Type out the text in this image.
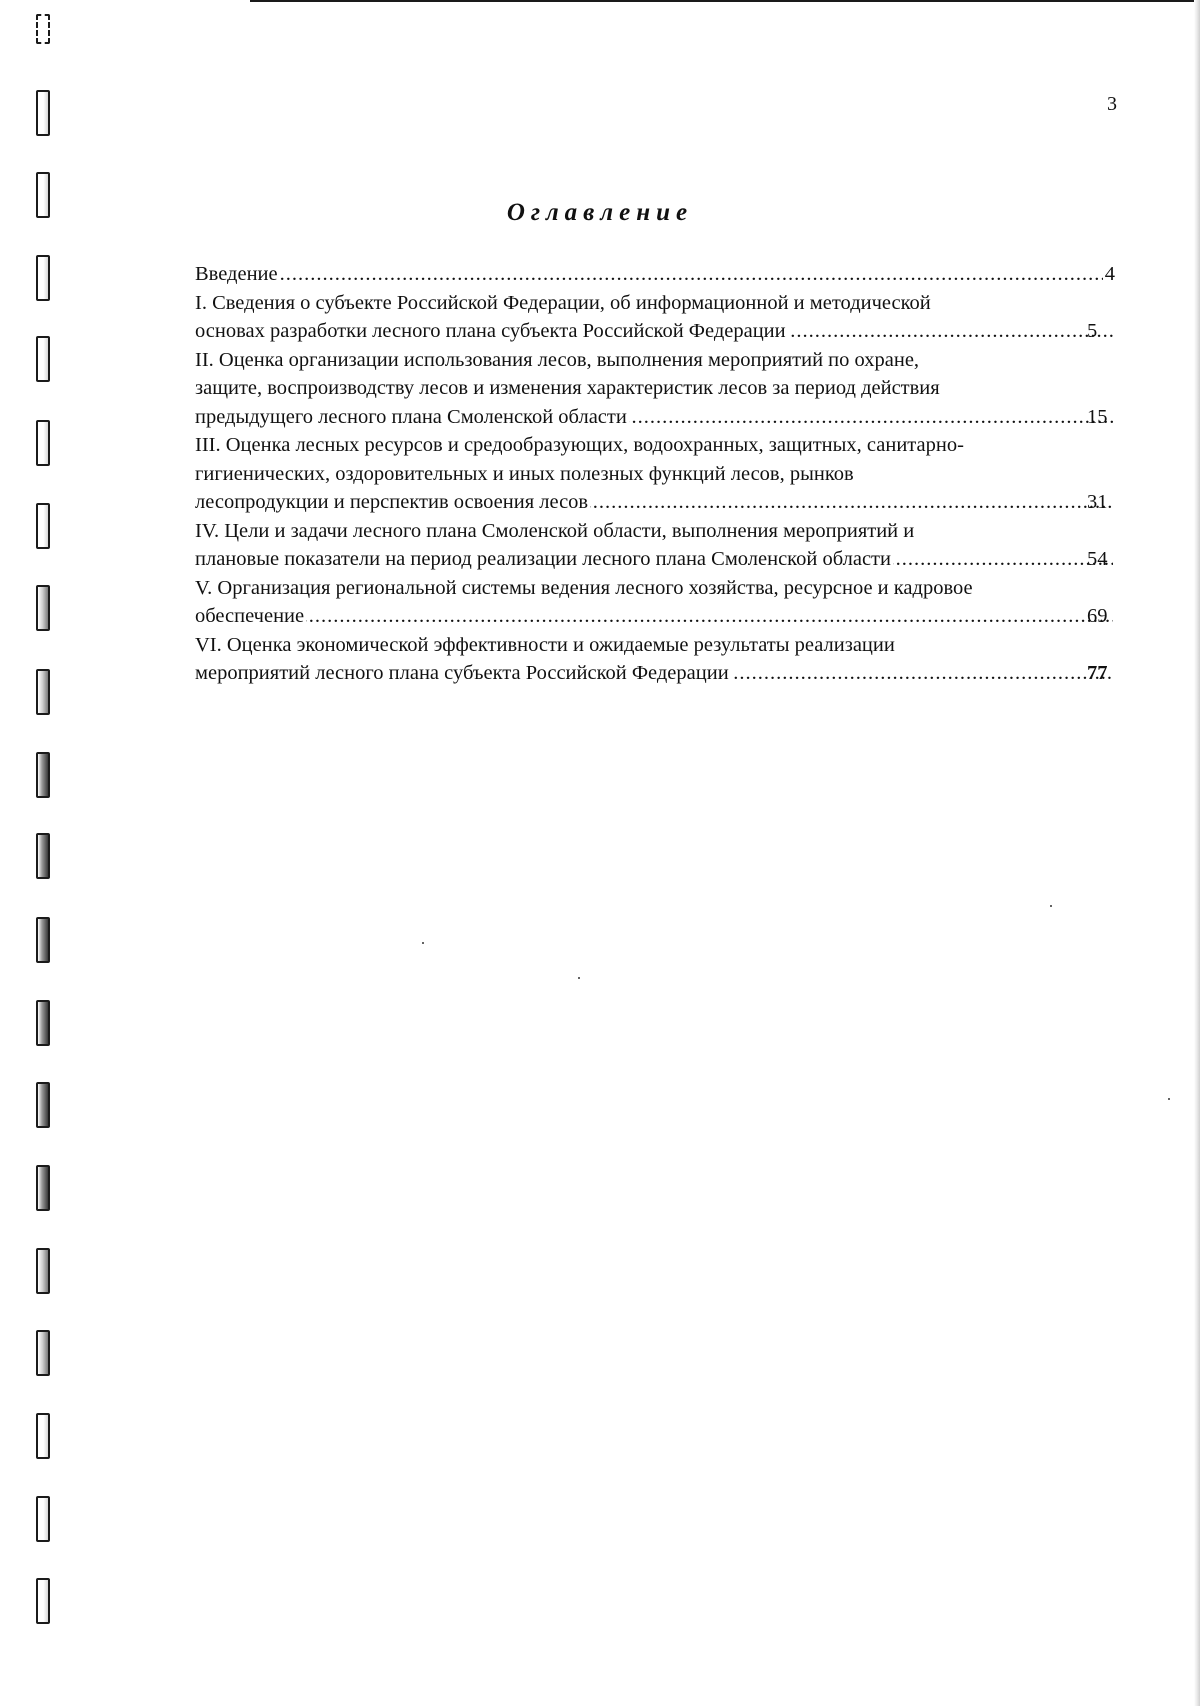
3
Оглавление
Введение .....	4
I. Сведения о субъекте Российской Федерации, об информационной и методической
основах разработки лесного плана субъекта Российской Федерации .....	5
II. Оценка организации использования лесов, выполнения мероприятий по охране,
защите, воспроизводству лесов и изменения характеристик лесов за период действия
предыдущего лесного плана Смоленской области .....	15
III. Оценка лесных ресурсов и средообразующих, водоохранных, защитных, санитарно-
гигиенических, оздоровительных и иных полезных функций лесов, рынков
лесопродукции и перспектив освоения лесов .....	31
IV. Цели и задачи лесного плана Смоленской области, выполнения мероприятий и
плановые показатели на период реализации лесного плана Смоленской области .....	54
V. Организация региональной системы ведения лесного хозяйства, ресурсное и кадровое
обеспечение .....	69
VI. Оценка экономической эффективности и ожидаемые результаты реализации
мероприятий лесного плана субъекта Российской Федерации .....	77
